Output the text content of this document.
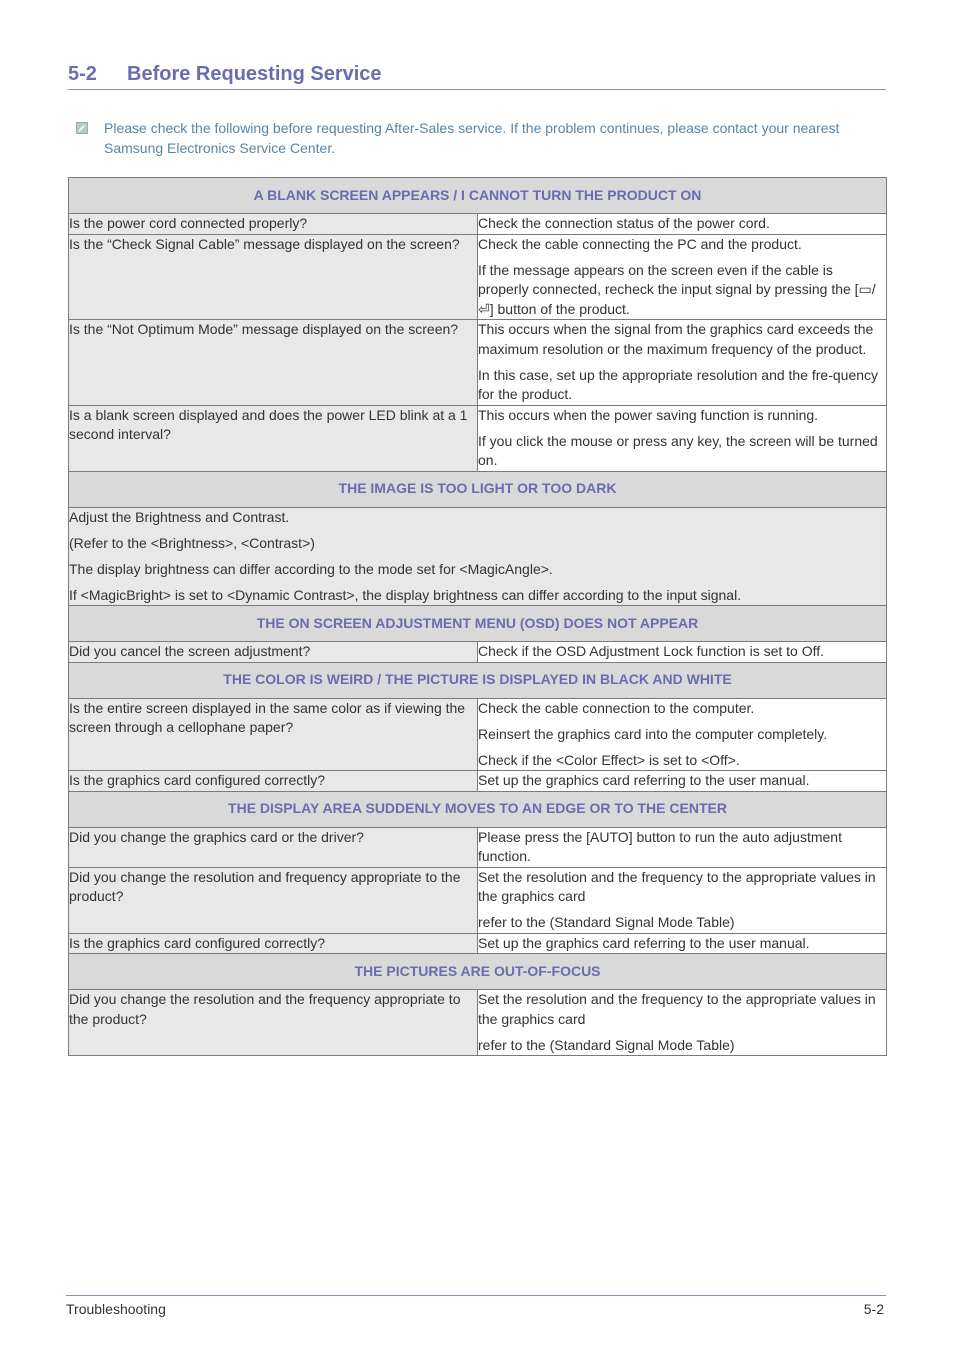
5-2 Before Requesting Service
Please check the following before requesting After-Sales service. If the problem continues, please contact your nearest Samsung Electronics Service Center.
A BLANK SCREEN APPEARS / I CANNOT TURN THE PRODUCT ON	

Is the power cord connected properly?	Check the connection status of the power cord.

Is the “Check Signal Cable” message displayed on the screen?	Check the cable connecting the PC and the product.
If the message appears on the screen even if the cable is properly connected, recheck the input signal by pressing the [▭/⏎] button of the product.

Is the “Not Optimum Mode” message displayed on the screen?	This occurs when the signal from the graphics card exceeds the maximum resolution or the maximum frequency of the product.
In this case, set up the appropriate resolution and the fre-quency for the product.

Is a blank screen displayed and does the power LED blink at a 1 second interval?	This occurs when the power saving function is running.
If you click the mouse or press any key, the screen will be turned on.

THE IMAGE IS TOO LIGHT OR TOO DARK	

Adjust the Brightness and Contrast.
(Refer to the <Brightness>, <Contrast>)
The display brightness can differ according to the mode set for <MagicAngle>.
If <MagicBright> is set to <Dynamic Contrast>, the display brightness can differ according to the input signal.	

THE ON SCREEN ADJUSTMENT MENU (OSD) DOES NOT APPEAR	

Did you cancel the screen adjustment?	Check if the OSD Adjustment Lock function is set to Off.

THE COLOR IS WEIRD / THE PICTURE IS DISPLAYED IN BLACK AND WHITE	

Is the entire screen displayed in the same color as if viewing the screen through a cellophane paper?	Check the cable connection to the computer.
Reinsert the graphics card into the computer completely.
Check if the <Color Effect> is set to <Off>.

Is the graphics card configured correctly?	Set up the graphics card referring to the user manual.

THE DISPLAY AREA SUDDENLY MOVES TO AN EDGE OR TO THE CENTER	

Did you change the graphics card or the driver?	Please press the [AUTO] button to run the auto adjustment function.

Did you change the resolution and frequency appropriate to the product?	Set the resolution and the frequency to the appropriate values in the graphics card
refer to the (Standard Signal Mode Table)

Is the graphics card configured correctly?	Set up the graphics card referring to the user manual.

THE PICTURES ARE OUT-OF-FOCUS	

Did you change the resolution and the frequency appropriate to the product?	Set the resolution and the frequency to the appropriate values in the graphics card
refer to the (Standard Signal Mode Table)
Troubleshooting	5-2
